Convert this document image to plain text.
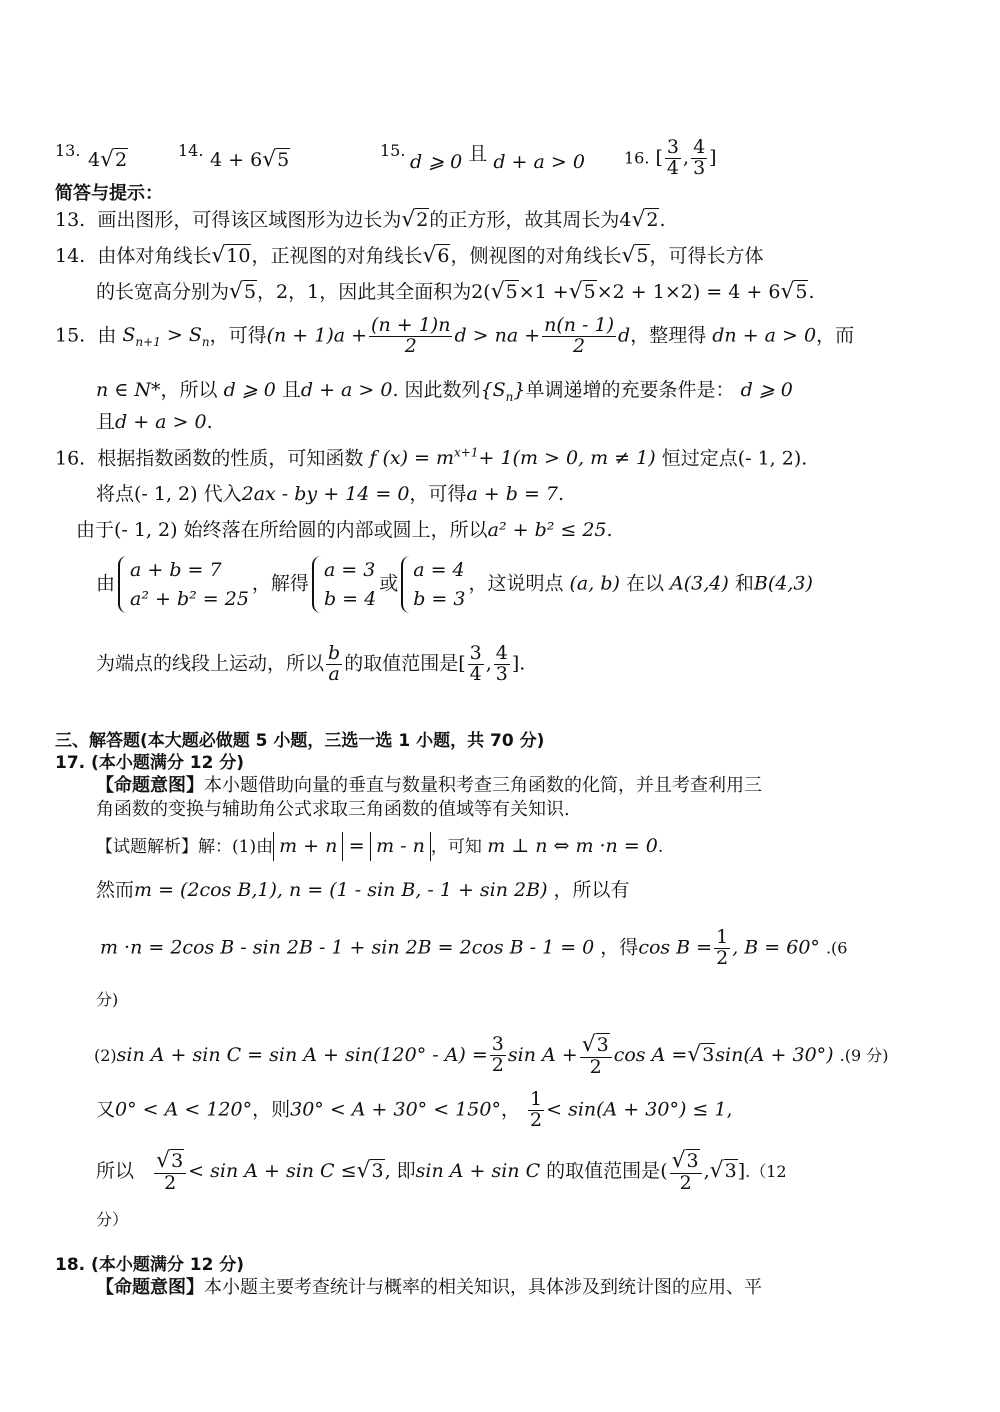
13. 4√2	14. 4 + 6√5	15.
d ⩾ 0 且 d + a > 0 16. [ $\frac{3}{4}$ , $\frac{4}{3}$ ]
简答与提示：
13. 画出图形，可得该区域图形为边长为√2的正方形，故其周长为4√2.
14. 由体对角线长√10，正视图的对角线长√6，侧视图的对角线长√5，可得长方体
的长宽高分别为√5，2，1，因此其全面积为2(√5×1 +√5×2 + 1×2) = 4 + 6√5.
15. 由 $S_{n+1} > S_n$，可得$(n + 1)a + \frac{(n + 1)n}{2}$ d > na + $\frac{n(n - 1)}{2}$ d，整理得 dn + a > 0，而
n ∈ N*，所以 d ⩾ 0 且d + a > 0. 因此数列$\{S_n\}$单调递增的充要条件是： d ⩾ 0
且d + a > 0.
16. 根据指数函数的性质，可知函数 f $(x) = m^{x+1}+ 1(m > 0$, m ≠ 1) 恒过定点(- 1, 2).
将点(- 1, 2) 代入2ax - by + 14 = 0，可得a + b = 7.
由于(- 1, 2) 始终落在所给圆的内部或圆上，所以a² + b² ≤ 25.
由
a + b = 7
a² + b² = 25
，解得
a = 3
b = 4
或
a = 4
b = 3
，这说明点 (a, b) 在以 A(3,4) 和B(4,3)
为端点的线段上运动，所以 $\frac{b}{a}$ 的取值范围是[ $\frac{3}{4}$ , $\frac{4}{3}$ ].
三、解答题(本大题必做题 5 小题，三选一选 1 小题，共 70 分)
17. (本小题满分 12 分)
【命题意图】本小题借助向量的垂直与数量积考查三角函数的化简，并且考查利用三
角函数的变换与辅助角公式求取三角函数的值域等有关知识.
【试题解析】解：(1)由 m + n = m - n ，可知 m ⊥ n ⇔ m ·n = 0.
然而m = (2cos B,1), n = (1 - sin B, - 1 + sin 2B) ，所以有
m ·n = 2cos B - sin 2B - 1 + sin 2B = 2cos B - 1 = 0 ，得$\cos B = \frac{1}{2}$ , B = 60° .(6
分)
(2)sin $A + \sin C = \sin A + \sin(120^\circ - A) = \frac{3}{2}$ $\sin A + \frac{√3}{2}$ cos A =√3sin(A + 30°) .(9 分)
又0° < A < 120°，则30° < A + 30° < 150°， $\frac{1}{2} < \sin(A + 30^\circ) \le 1$,
所以 $\frac{√3}{2} < \sin A + \sin C \le√3$, 即sin A + sin C 的取值范围是( $\frac{√3}{2} ,√3].(12$
分）
18. (本小题满分 12 分)
【命题意图】本小题主要考查统计与概率的相关知识，具体涉及到统计图的应用、平
